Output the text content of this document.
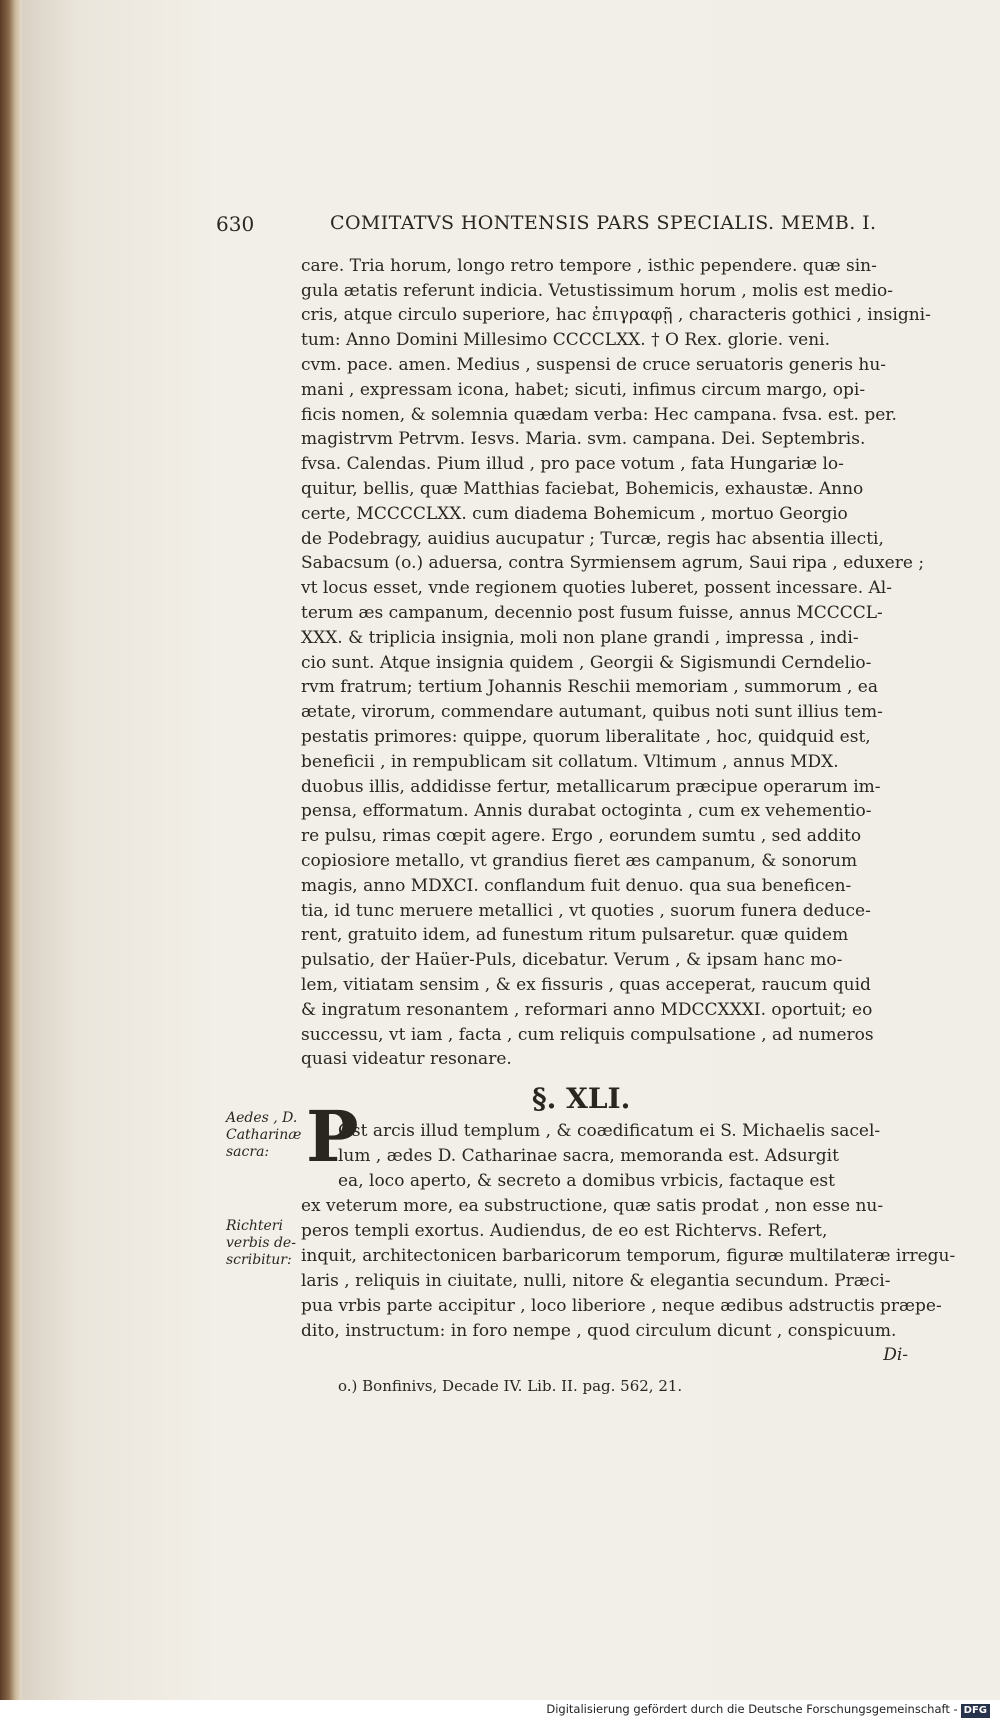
630	COMITATVS HONTENSIS PARS SPECIALIS. MEMB. I.
care. Tria horum, longo retro tempore , isthic pependere. quæ sin-
gula ætatis referunt indicia. Vetustissimum horum , molis est medio-
cris, atque circulo superiore, hac ἐπιγραφῇ , characteris gothici , insigni-
tum: Anno Domini Millesimo CCCCLXX. † O Rex. glorie. veni.
cvm. pace. amen. Medius , suspensi de cruce seruatoris generis hu-
mani , expressam icona, habet; sicuti, infimus circum margo, opi-
ficis nomen, & solemnia quædam verba: Hec campana. fvsa. est. per.
magistrvm Petrvm. Iesvs. Maria. svm. campana. Dei. Septembris.
fvsa. Calendas. Pium illud , pro pace votum , fata Hungariæ lo-
quitur, bellis, quæ Matthias faciebat, Bohemicis, exhaustæ. Anno
certe, MCCCCLXX. cum diadema Bohemicum , mortuo Georgio
de Podebragy, auidius aucupatur ; Turcæ, regis hac absentia illecti,
Sabacsum (o.) aduersa, contra Syrmiensem agrum, Saui ripa , eduxere ;
vt locus esset, vnde regionem quoties luberet, possent incessare. Al-
terum æs campanum, decennio post fusum fuisse, annus MCCCCL-
XXX. & triplicia insignia, moli non plane grandi , impressa , indi-
cio sunt. Atque insignia quidem , Georgii & Sigismundi Cerndelio-
rvm fratrum; tertium Johannis Reschii memoriam , summorum , ea
ætate, virorum, commendare autumant, quibus noti sunt illius tem-
pestatis primores: quippe, quorum liberalitate , hoc, quidquid est,
beneficii , in rempublicam sit collatum. Vltimum , annus MDX.
duobus illis, addidisse fertur, metallicarum præcipue operarum im-
pensa, efformatum. Annis durabat octoginta , cum ex vehementio-
re pulsu, rimas cœpit agere. Ergo , eorundem sumtu , sed addito
copiosiore metallo, vt grandius fieret æs campanum, & sonorum
magis, anno MDXCI. conflandum fuit denuo. qua sua beneficen-
tia, id tunc meruere metallici , vt quoties , suorum funera deduce-
rent, gratuito idem, ad funestum ritum pulsaretur. quæ quidem
pulsatio, der Haüer-Puls, dicebatur. Verum , & ipsam hanc mo-
lem, vitiatam sensim , & ex fissuris , quas acceperat, raucum quid
& ingratum resonantem , reformari anno MDCCXXXI. oportuit; eo
successu, vt iam , facta , cum reliquis compulsatione , ad numeros
quasi videatur resonare.
§. XLI.
P
Ost arcis illud templum , & coædificatum ei S. Michaelis sacel-
lum , ædes D. Catharinae sacra, memoranda est. Adsurgit
ea, loco aperto, & secreto a domibus vrbicis, factaque est
ex veterum more, ea substructione, quæ satis prodat , non esse nu-
peros templi exortus. Audiendus, de eo est Richtervs. Refert,
inquit, architectonicen barbaricorum temporum, figuræ multilateræ irregu-
laris , reliquis in ciuitate, nulli, nitore & elegantia secundum. Præci-
pua vrbis parte accipitur , loco liberiore , neque ædibus adstructis præpe-
dito, instructum: in foro nempe , quod circulum dicunt , conspicuum.
Di-
Aedes , D.
Catharinæ
sacra:
Richteri
verbis de-
scribitur:
o.) Bonfinivs, Decade IV. Lib. II. pag. 562, 21.
Digitalisierung gefördert durch die Deutsche Forschungsgemeinschaft - DFG
